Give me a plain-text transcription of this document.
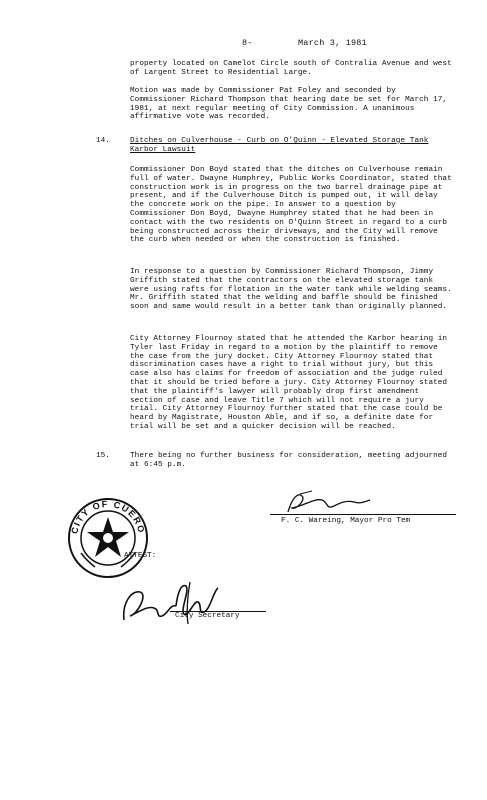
8-	March 3, 1981
property located on Camelot Circle south of Contralia Avenue and west of Largent Street to Residential Large.
Motion was made by Commissioner Pat Foley and seconded by Commissioner Richard Thompson that hearing date be set for March 17, 1981, at next regular meeting of City Commission. A unanimous affirmative vote was recorded.
14.	Ditches on Culverhouse - Curb on O'Quinn - Elevated Storage Tank Karbor Lawsuit
Commissioner Don Boyd stated that the ditches on Culverhouse remain full of water. Dwayne Humphrey, Public Works Coordinator, stated that construction work is in progress on the two barrel drainage pipe at present, and if the Culverhouse Ditch is pumped out, it will delay the concrete work on the pipe. In answer to a question by Commissioner Don Boyd, Dwayne Humphrey stated that he had been in contact with the two residents on O'Quinn Street in regard to a curb being constructed across their driveways, and the City will remove the curb when needed or when the construction is finished.
In response to a question by Commissioner Richard Thompson, Jimmy Griffith stated that the contractors on the elevated storage tank were using rafts for flotation in the water tank while welding seams. Mr. Griffith stated that the welding and baffle should be finished soon and same would result in a better tank than originally planned.
City Attorney Flournoy stated that he attended the Karbor hearing in Tyler last Friday in regard to a motion by the plaintiff to remove the case from the jury docket. City Attorney Flournoy stated that discrimination cases have a right to trial without jury, but this case also has claims for freedom of association and the judge ruled that it should be tried before a jury. City Attorney Flournoy stated that the plaintiff's lawyer will probably drop first amendment section of case and leave Title 7 which will not require a jury trial. City Attorney Flournoy further stated that the case could be heard by Magistrate, Houston Able, and if so, a definite date for trial will be set and a quicker decision will be reached.
15.	There being no further business for consideration, meeting adjourned at 6:45 p.m.
F. C. Wareing, Mayor Pro Tem
CITY OF CUERO
ATTEST:
City Secretary
